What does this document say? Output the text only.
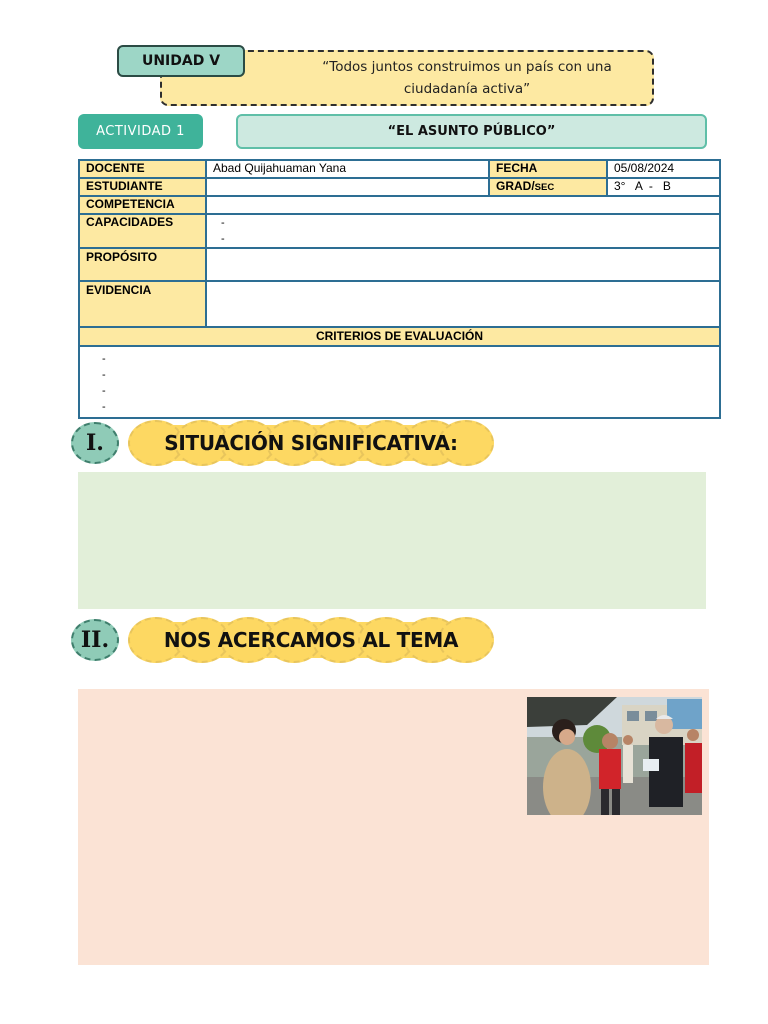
UNIDAD V	“Todos juntos construimos un país con una
ciudadanía activa”
ACTIVIDAD 1	“EL ASUNTO PÚBLICO”
DOCENTE	Abad Quijahuaman Yana	FECHA	05/08/2024
ESTUDIANTE		GRAD/SEC	3°   A  -   B
COMPETENCIA			
CAPACIDADES	-
-		

PROPÓSITO			
EVIDENCIA			
CRITERIOS DE EVALUACIÓN			

-
-
-
-			
I.	SITUACIÓN SIGNIFICATIVA:
II.	NOS ACERCAMOS AL TEMA
